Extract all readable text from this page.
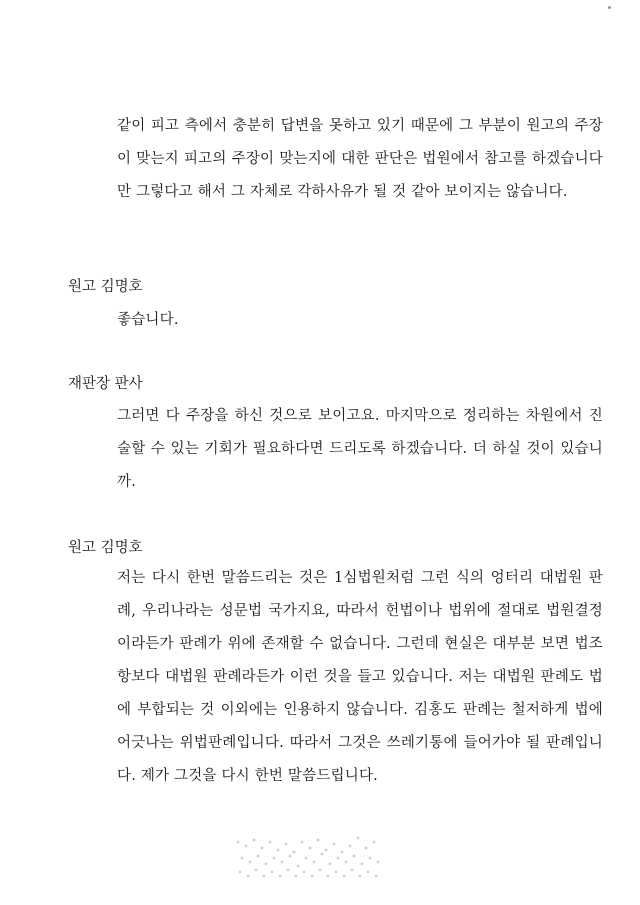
같이 피고 측에서 충분히 답변을 못하고 있기 때문에 그 부분이 원고의 주장이 맞는지 피고의 주장이 맞는지에 대한 판단은 법원에서 참고를 하겠습니다만 그렇다고 해서 그 자체로 각하사유가 될 것 같아 보이지는 않습니다.

원고 김명호

좋습니다.

재판장 판사

그러면 다 주장을 하신 것으로 보이고요. 마지막으로 정리하는 차원에서 진술할 수 있는 기회가 필요하다면 드리도록 하겠습니다. 더 하실 것이 있습니까.

원고 김명호

저는 다시 한번 말씀드리는 것은 1심법원처럼 그런 식의 엉터리 대법원 판례, 우리나라는 성문법 국가지요, 따라서 헌법이나 법위에 절대로 법원결정이라든가 판례가 위에 존재할 수 없습니다. 그런데 현실은 대부분 보면 법조항보다 대법원 판례라든가 이런 것을 들고 있습니다. 저는 대법원 판례도 법에 부합되는 것 이외에는 인용하지 않습니다. 김홍도 판례는 철저하게 법에 어긋나는 위법판례입니다. 따라서 그것은 쓰레기통에 들어가야 될 판례입니다. 제가 그것을 다시 한번 말씀드립니다.
